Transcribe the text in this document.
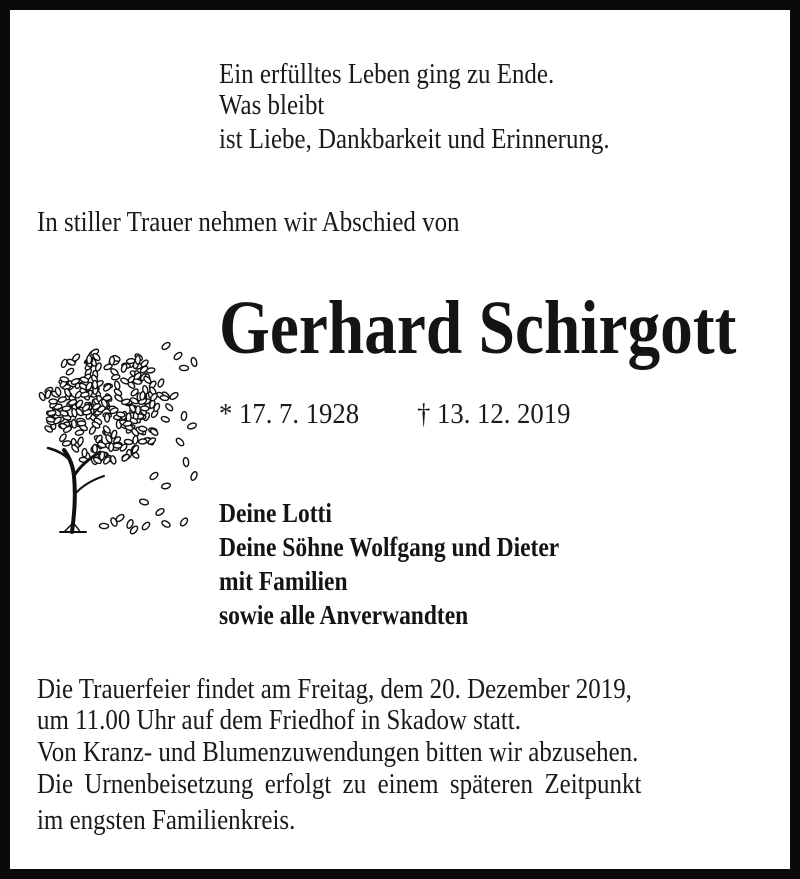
Ein erfülltes Leben ging zu Ende.
Was bleibt
ist Liebe, Dankbarkeit und Erinnerung.
In stiller Trauer nehmen wir Abschied von
Gerhard Schirgott
* 17. 7. 1928 † 13. 12. 2019
Deine Lotti
Deine Söhne Wolfgang und Dieter
mit Familien
sowie alle Anverwandten
Die Trauerfeier findet am Freitag, dem 20. Dezember 2019,
um 11.00 Uhr auf dem Friedhof in Skadow statt.
Von Kranz- und Blumenzuwendungen bitten wir abzusehen.
Die Urnenbeisetzung erfolgt zu einem späteren Zeitpunkt
im engsten Familienkreis.
